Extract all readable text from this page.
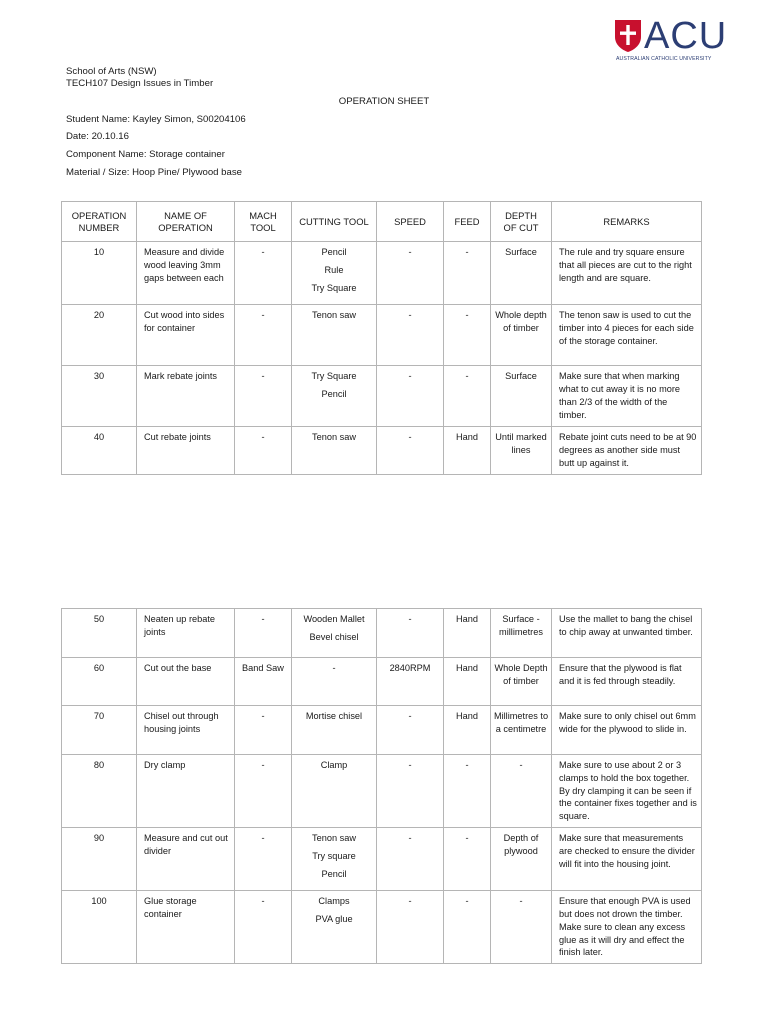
ACU
AUSTRALIAN CATHOLIC UNIVERSITY
School of Arts (NSW)
TECH107 Design Issues in Timber
OPERATION SHEET
Student Name: Kayley Simon, S00204106
Date: 20.10.16
Component Name: Storage container
Material / Size: Hoop Pine/ Plywood base
OPERATION
NUMBER	NAME OF
OPERATION	MACH
TOOL	CUTTING TOOL	SPEED	FEED	DEPTH
OF CUT	REMARKS

10	Measure and divide wood leaving 3mm gaps between each	-	Pencil
Rule
Try Square	-	-	Surface	The rule and try square ensure that all pieces are cut to the right length and are square.

20	Cut wood into sides for container	-	Tenon saw	-	-	Whole depth of timber	The tenon saw is used to cut the timber into 4 pieces for each side of the storage container.

30	Mark rebate joints	-	Try Square
Pencil	-	-	Surface	Make sure that when marking what to cut away it is no more than 2/3 of the width of the timber.

40	Cut rebate joints	-	Tenon saw	-	Hand	Until marked lines	Rebate joint cuts need to be at 90 degrees as another side must butt up against it.
50	Neaten up rebate joints	-	Wooden Mallet
Bevel chisel	-	Hand	Surface - millimetres	Use the mallet to bang the chisel to chip away at unwanted timber.

60	Cut out the base	Band Saw	-	2840RPM	Hand	Whole Depth of timber	Ensure that the plywood is flat and it is fed through steadily.

70	Chisel out through housing joints	-	Mortise chisel	-	Hand	Millimetres to a centimetre	Make sure to only chisel out 6mm wide for the plywood to slide in.

80	Dry clamp	-	Clamp	-	-	-	Make sure to use about 2 or 3 clamps to hold the box together. By dry clamping it can be seen if the container fixes together and is square.

90	Measure and cut out divider	-	Tenon saw
Try square
Pencil	-	-	Depth of plywood	Make sure that measurements are checked to ensure the divider will fit into the housing joint.

100	Glue storage container	-	Clamps
PVA glue	-	-	-	Ensure that enough PVA is used but does not drown the timber. Make sure to clean any excess glue as it will dry and effect the finish later.
